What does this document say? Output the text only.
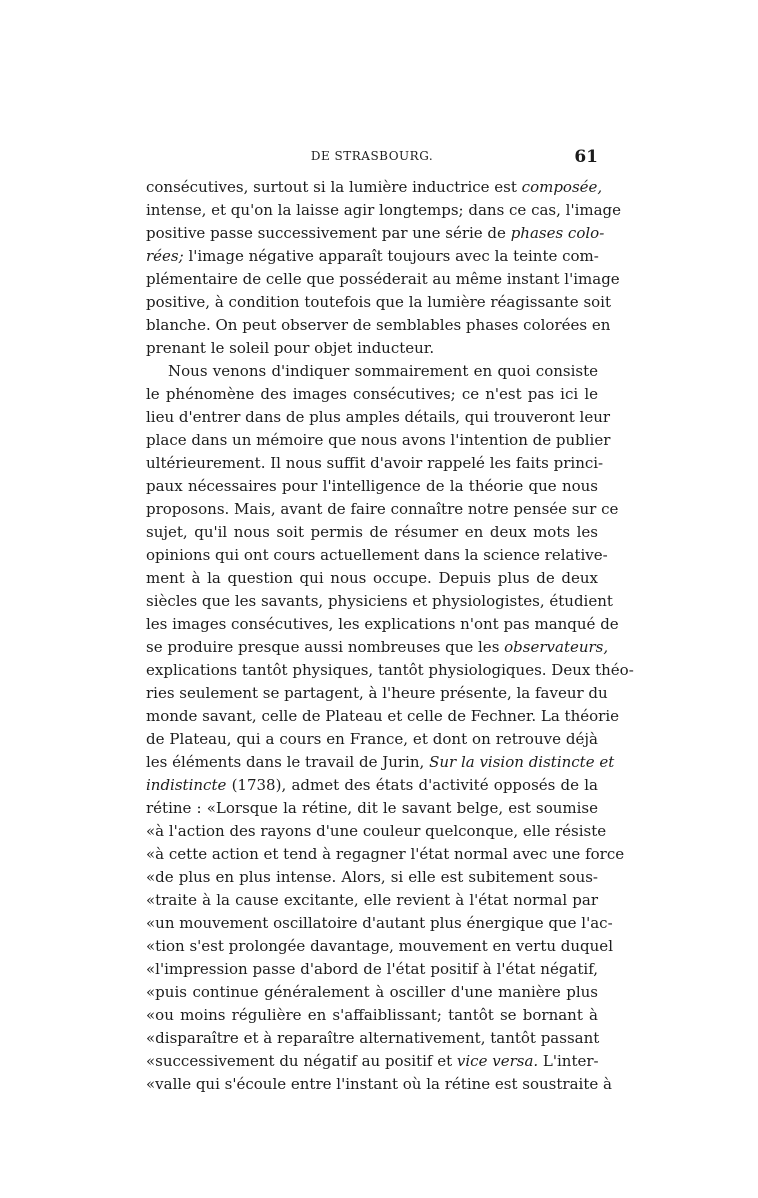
DE STRASBOURG.	61
consécutives, surtout si la lumière inductrice est composée,
intense, et qu'on la laisse agir longtemps; dans ce cas, l'image
positive passe successivement par une série de phases colo-
rées; l'image négative apparaît toujours avec la teinte com-
plémentaire de celle que posséderait au même instant l'image
positive, à condition toutefois que la lumière réagissante soit
blanche. On peut observer de semblables phases colorées en
prenant le soleil pour objet inducteur.
Nous venons d'indiquer sommairement en quoi consiste
le phénomène des images consécutives; ce n'est pas ici le
lieu d'entrer dans de plus amples détails, qui trouveront leur
place dans un mémoire que nous avons l'intention de publier
ultérieurement. Il nous suffit d'avoir rappelé les faits princi-
paux nécessaires pour l'intelligence de la théorie que nous
proposons. Mais, avant de faire connaître notre pensée sur ce
sujet, qu'il nous soit permis de résumer en deux mots les
opinions qui ont cours actuellement dans la science relative-
ment à la question qui nous occupe. Depuis plus de deux
siècles que les savants, physiciens et physiologistes, étudient
les images consécutives, les explications n'ont pas manqué de
se produire presque aussi nombreuses que les observateurs,
explications tantôt physiques, tantôt physiologiques. Deux théo-
ries seulement se partagent, à l'heure présente, la faveur du
monde savant, celle de Plateau et celle de Fechner. La théorie
de Plateau, qui a cours en France, et dont on retrouve déjà
les éléments dans le travail de Jurin, Sur la vision distincte et
indistincte (1738), admet des états d'activité opposés de la
rétine : «Lorsque la rétine, dit le savant belge, est soumise
«à l'action des rayons d'une couleur quelconque, elle résiste
«à cette action et tend à regagner l'état normal avec une force
«de plus en plus intense. Alors, si elle est subitement sous-
«traite à la cause excitante, elle revient à l'état normal par
«un mouvement oscillatoire d'autant plus énergique que l'ac-
«tion s'est prolongée davantage, mouvement en vertu duquel
«l'impression passe d'abord de l'état positif à l'état négatif,
«puis continue généralement à osciller d'une manière plus
«ou moins régulière en s'affaiblissant; tantôt se bornant à
«disparaître et à reparaître alternativement, tantôt passant
«successivement du négatif au positif et vice versa. L'inter-
«valle qui s'écoule entre l'instant où la rétine est soustraite à
